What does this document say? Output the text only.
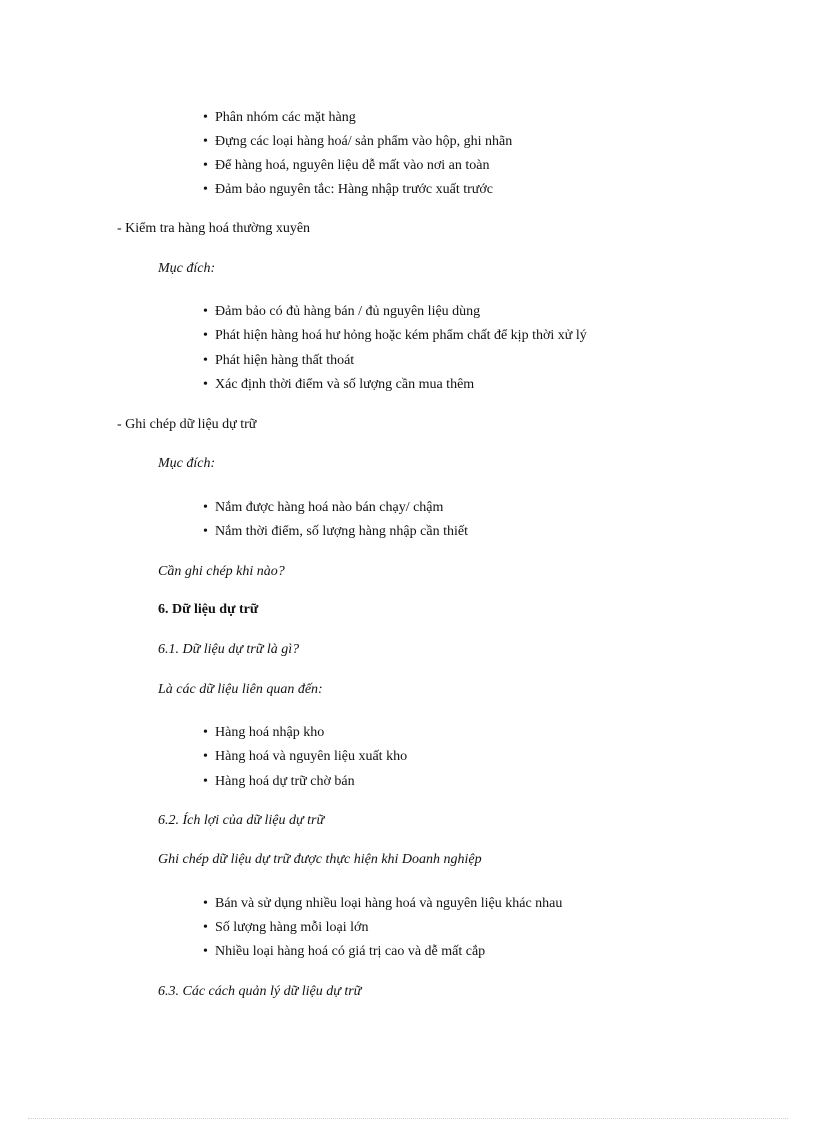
• Phân nhóm các mặt hàng
• Đựng các loại hàng hoá/ sản phẩm vào hộp, ghi nhãn
• Để hàng hoá, nguyên liệu dễ mất vào nơi an toàn
• Đảm bảo nguyên tắc: Hàng nhập trước xuất trước
- Kiểm tra hàng hoá thường xuyên
Mục đích:
• Đảm bảo có đủ hàng bán / đủ nguyên liệu dùng
• Phát hiện hàng hoá hư hỏng hoặc kém phẩm chất để kịp thời xử lý
• Phát hiện hàng thất thoát
• Xác định thời điểm và số lượng cần mua thêm
- Ghi chép dữ liệu dự trữ
Mục đích:
• Nắm được hàng hoá nào bán chạy/ chậm
• Nắm thời điểm, số lượng hàng nhập cần thiết
Cần ghi chép khi nào?
6. Dữ liệu dự trữ
6.1. Dữ liệu dự trữ là gì?
Là các dữ liệu liên quan đến:
• Hàng hoá nhập kho
• Hàng hoá và nguyên liệu xuất kho
• Hàng hoá dự trữ chờ bán
6.2. Ích lợi của dữ liệu dự trữ
Ghi chép dữ liệu dự trữ được thực hiện khi Doanh nghiệp
• Bán và sử dụng nhiều loại hàng hoá và nguyên liệu khác nhau
• Số lượng hàng mỗi loại lớn
• Nhiều loại hàng hoá có giá trị cao và dễ mất cắp
6.3. Các cách quản lý dữ liệu dự trữ
